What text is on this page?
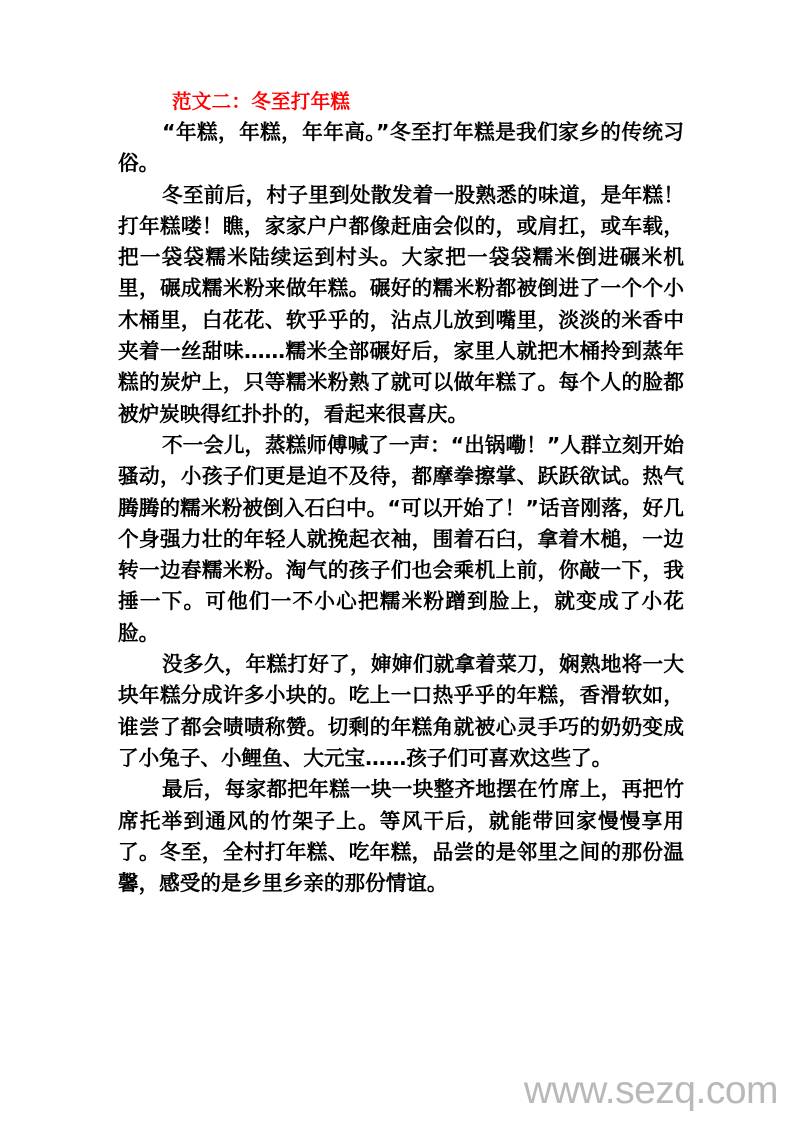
范文二：冬至打年糕

“年糕，年糕，年年高。”冬至打年糕是我们家乡的传统习俗。

冬至前后，村子里到处散发着一股熟悉的味道，是年糕！打年糕喽！瞧，家家户户都像赶庙会似的，或肩扛，或车载，把一袋袋糯米陆续运到村头。大家把一袋袋糯米倒进碾米机里，碾成糯米粉来做年糕。碾好的糯米粉都被倒进了一个个小木桶里，白花花、软乎乎的，沾点儿放到嘴里，淡淡的米香中夹着一丝甜味……糯米全部碾好后，家里人就把木桶拎到蒸年糕的炭炉上，只等糯米粉熟了就可以做年糕了。每个人的脸都被炉炭映得红扑扑的，看起来很喜庆。

不一会儿，蒸糕师傅喊了一声：“出锅嘞！”人群立刻开始骚动，小孩子们更是迫不及待，都摩拳擦掌、跃跃欲试。热气腾腾的糯米粉被倒入石臼中。“可以开始了！”话音刚落，好几个身强力壮的年轻人就挽起衣袖，围着石臼，拿着木槌，一边转一边舂糯米粉。淘气的孩子们也会乘机上前，你敲一下，我捶一下。可他们一不小心把糯米粉蹭到脸上，就变成了小花脸。

没多久，年糕打好了，婶婶们就拿着菜刀，娴熟地将一大块年糕分成许多小块的。吃上一口热乎乎的年糕，香滑软如，谁尝了都会啧啧称赞。切剩的年糕角就被心灵手巧的奶奶变成了小兔子、小鲤鱼、大元宝……孩子们可喜欢这些了。

最后，每家都把年糕一块一块整齐地摆在竹席上，再把竹席托举到通风的竹架子上。等风干后，就能带回家慢慢享用了。冬至，全村打年糕、吃年糕，品尝的是邻里之间的那份温馨，感受的是乡里乡亲的那份情谊。

www.sezq.com
